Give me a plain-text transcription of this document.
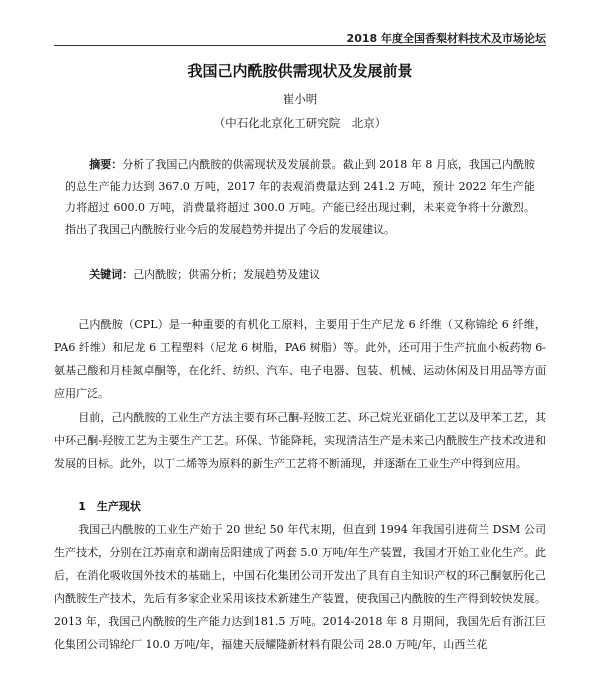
2018 年度全国香梨材料技术及市场论坛
我国己内酰胺供需现状及发展前景
崔小明
（中石化北京化工研究院　北京）
摘要：分析了我国己内酰胺的供需现状及发展前景。截止到 2018 年 8 月底，我国己内酰胺的总生产能力达到 367.0 万吨，2017 年的表观消费量达到 241.2 万吨，预计 2022 年生产能力将超过 600.0 万吨，消费量将超过 300.0 万吨。产能已经出现过剩，未来竞争将十分激烈。指出了我国己内酰胺行业今后的发展趋势并提出了今后的发展建议。
关键词：己内酰胺；供需分析；发展趋势及建议
己内酰胺（CPL）是一种重要的有机化工原料，主要用于生产尼龙 6 纤维（又称锦纶 6 纤维，PA6 纤维）和尼龙 6 工程塑料（尼龙 6 树脂，PA6 树脂）等。此外，还可用于生产抗血小板药物 6-氨基己酸和月桂氮卓酮等，在化纤、纺织、汽车、电子电器、包装、机械、运动休闲及日用品等方面应用广泛。
目前，己内酰胺的工业生产方法主要有环己酮-羟胺工艺、环己烷光亚硝化工艺以及甲苯工艺，其中环己酮-羟胺工艺为主要生产工艺。环保、节能降耗，实现清洁生产是未来己内酰胺生产技术改进和发展的目标。此外，以丁二烯等为原料的新生产工艺将不断涌现，并逐渐在工业生产中得到应用。
1　生产现状
我国己内酰胺的工业生产始于 20 世纪 50 年代末期，但直到 1994 年我国引进荷兰 DSM 公司生产技术，分别在江苏南京和湖南岳阳建成了两套 5.0 万吨/年生产装置，我国才开始工业化生产。此后，在消化吸收国外技术的基础上，中国石化集团公司开发出了具有自主知识产权的环己酮氨肟化己内酰胺生产技术，先后有多家企业采用该技术新建生产装置，使我国己内酰胺的生产得到较快发展。2013 年，我国己内酰胺的生产能力达到181.5 万吨。2014-2018 年 8 月期间，我国先后有浙江巨化集团公司锦纶厂 10.0 万吨/年，福建天辰耀隆新材料有限公司 28.0 万吨/年，山西兰花
